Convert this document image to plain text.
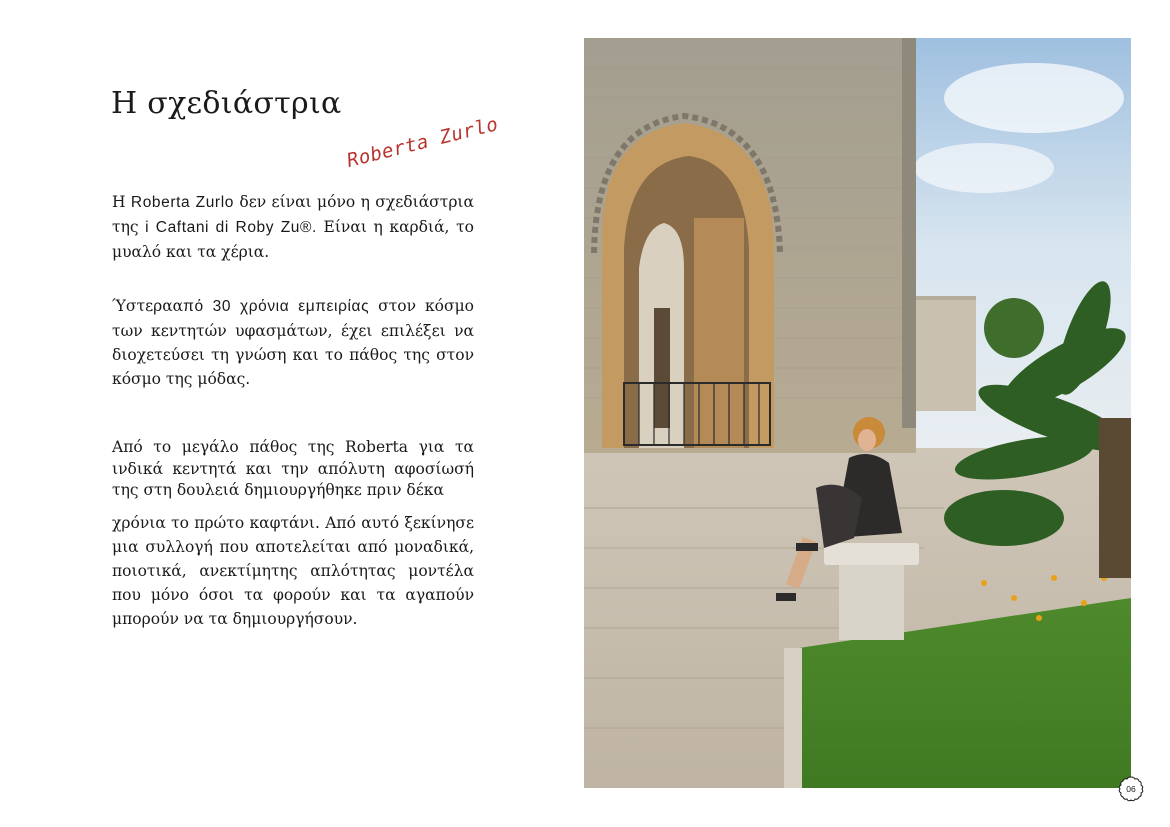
Η σχεδιάστρια
Roberta Zurlo

Η Roberta Zurlo δεν είναι μόνο η σχεδιάστρια της i Caftani di Roby Zu®. Είναι η καρδιά, το μυαλό και τα χέρια.

Ύστερααπό 30 χρόνια εμπειρίας στον κόσμο των κεντητών υφασμάτων, έχει επιλέξει να διοχετεύσει τη γνώση και το πάθος της στον κόσμο της μόδας.

Από το μεγάλο πάθος της Roberta για τα ινδικά κεντητά και την απόλυτη αφοσίωσή της στη δουλειά δημιουργήθηκε πριν δέκα

χρόνια το πρώτο καφτάνι. Από αυτό ξεκίνησε μια συλλογή που αποτελείται από μοναδικά, ποιοτικά, ανεκτίμητης απλότητας μοντέλα που μόνο όσοι τα φορούν και τα αγαπούν μπορούν να τα δημιουργήσουν.

06
